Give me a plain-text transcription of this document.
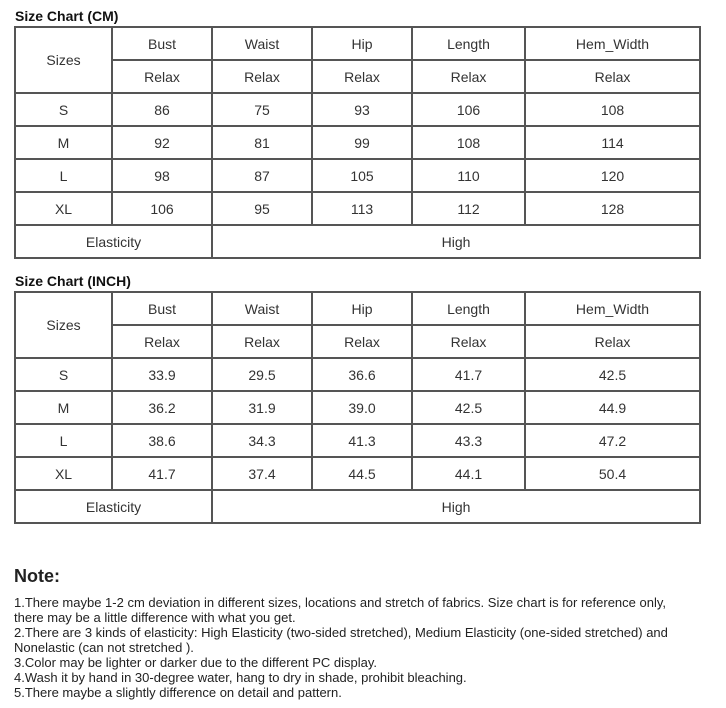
Size Chart (CM)
Sizes	Bust	Waist	Hip	Length	Hem_Width
	Relax	Relax	Relax	Relax	Relax
S	86	75	93	106	108
M	92	81	99	108	114
L	98	87	105	110	120
XL	106	95	113	112	128
Elasticity		High			
Size Chart (INCH)
Sizes	Bust	Waist	Hip	Length	Hem_Width
	Relax	Relax	Relax	Relax	Relax
S	33.9	29.5	36.6	41.7	42.5
M	36.2	31.9	39.0	42.5	44.9
L	38.6	34.3	41.3	43.3	47.2
XL	41.7	37.4	44.5	44.1	50.4
Elasticity		High			
Note:
1.There maybe 1-2 cm deviation in different sizes, locations and stretch of fabrics. Size chart is for reference only,
there may be a little difference with what you get.
2.There are 3 kinds of elasticity: High Elasticity (two-sided stretched), Medium Elasticity (one-sided stretched) and
Nonelastic (can not stretched ).
3.Color may be lighter or darker due to the different PC display.
4.Wash it by hand in 30-degree water, hang to dry in shade, prohibit bleaching.
5.There maybe a slightly difference on detail and pattern.
